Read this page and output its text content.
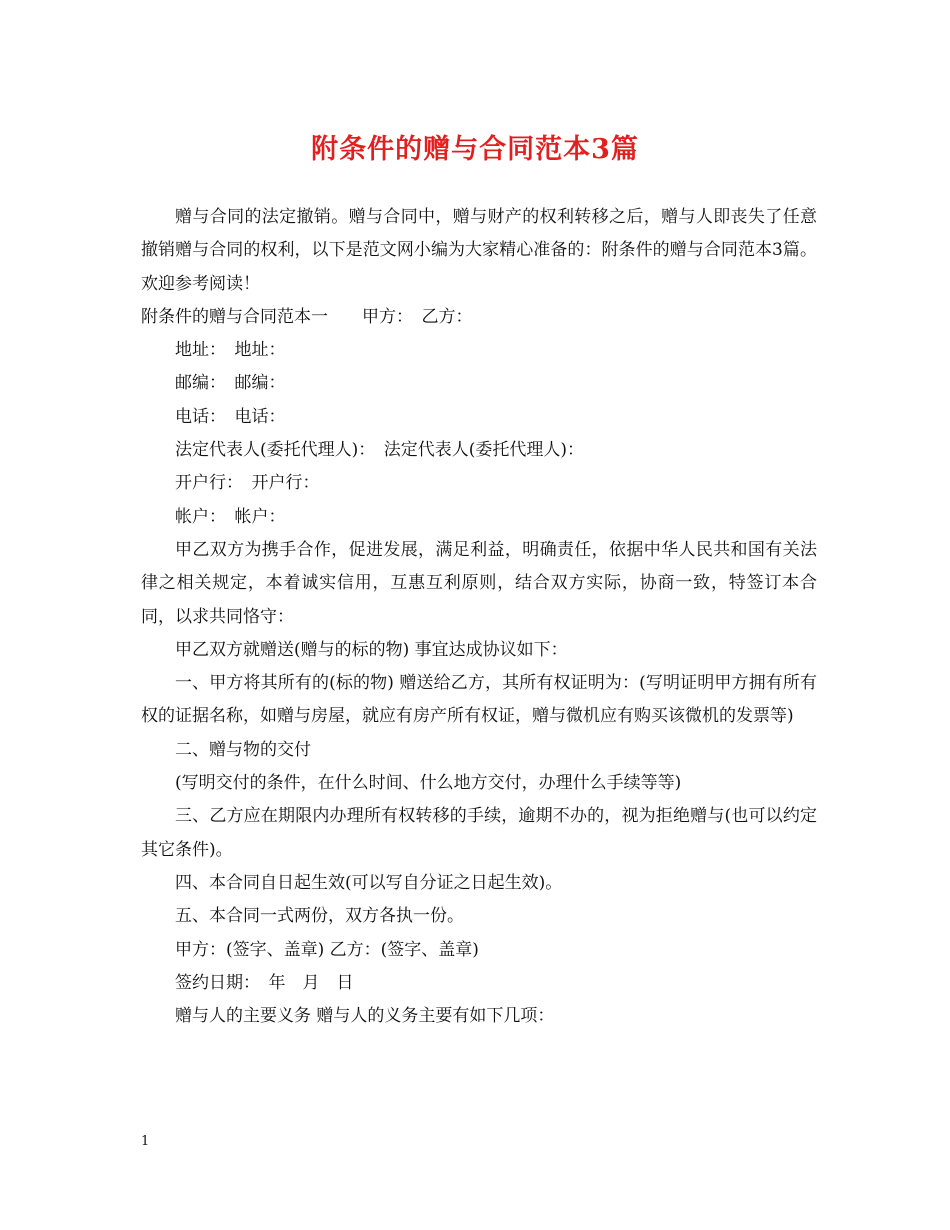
附条件的赠与合同范本3篇

赠与合同的法定撤销。赠与合同中，赠与财产的权利转移之后，赠与人即丧失了任意撤销赠与合同的权利，以下是范文网小编为大家精心准备的：附条件的赠与合同范本3篇。欢迎参考阅读！

附条件的赠与合同范本一　　甲方：　乙方：

地址：　地址：

邮编：　邮编：

电话：　电话：

法定代表人(委托代理人)：　法定代表人(委托代理人)：

开户行：　开户行：

帐户：　帐户：

甲乙双方为携手合作，促进发展，满足利益，明确责任，依据中华人民共和国有关法律之相关规定，本着诚实信用，互惠互利原则，结合双方实际，协商一致，特签订本合同，以求共同恪守：

甲乙双方就赠送(赠与的标的物) 事宜达成协议如下：

一、甲方将其所有的(标的物) 赠送给乙方，其所有权证明为：(写明证明甲方拥有所有权的证据名称，如赠与房屋，就应有房产所有权证，赠与微机应有购买该微机的发票等)

二、赠与物的交付

(写明交付的条件，在什么时间、什么地方交付，办理什么手续等等)

三、乙方应在期限内办理所有权转移的手续，逾期不办的，视为拒绝赠与(也可以约定其它条件)。

四、本合同自日起生效(可以写自分证之日起生效)。

五、本合同一式两份，双方各执一份。

甲方：(签字、盖章) 乙方：(签字、盖章)

签约日期：　年　月　日

赠与人的主要义务 赠与人的义务主要有如下几项：

1
